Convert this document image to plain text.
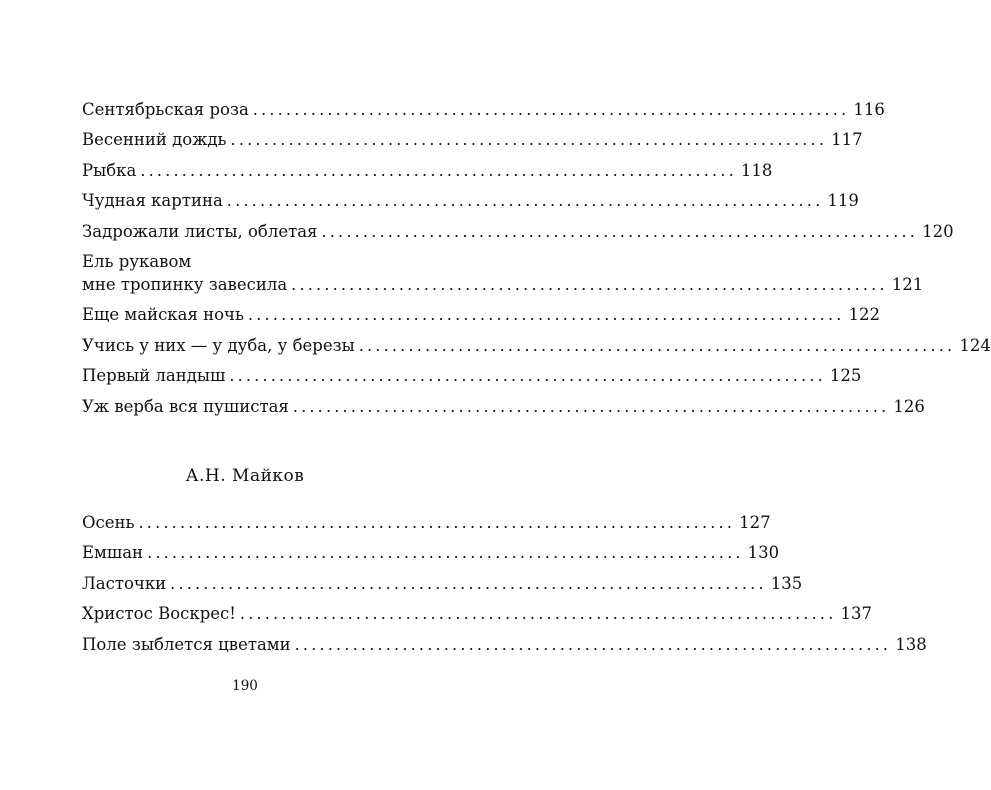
Сентябрьская роза ........................................................................ 116
Весенний дождь ........................................................................ 117
Рыбка ........................................................................ 118
Чудная картина ........................................................................ 119
Задрожали листы, облетая ........................................................................ 120
Ель рукавом
мне тропинку завесила ........................................................................ 121
Еще майская ночь ........................................................................ 122
Учись у них — у дуба, у березы ........................................................................ 124
Первый ландыш ........................................................................ 125
Уж верба вся пушистая ........................................................................ 126
А.Н. Майков
Осень ........................................................................ 127
Емшан ........................................................................ 130
Ласточки ........................................................................ 135
Христос Воскрес! ........................................................................ 137
Поле зыблется цветами ........................................................................ 138
190
